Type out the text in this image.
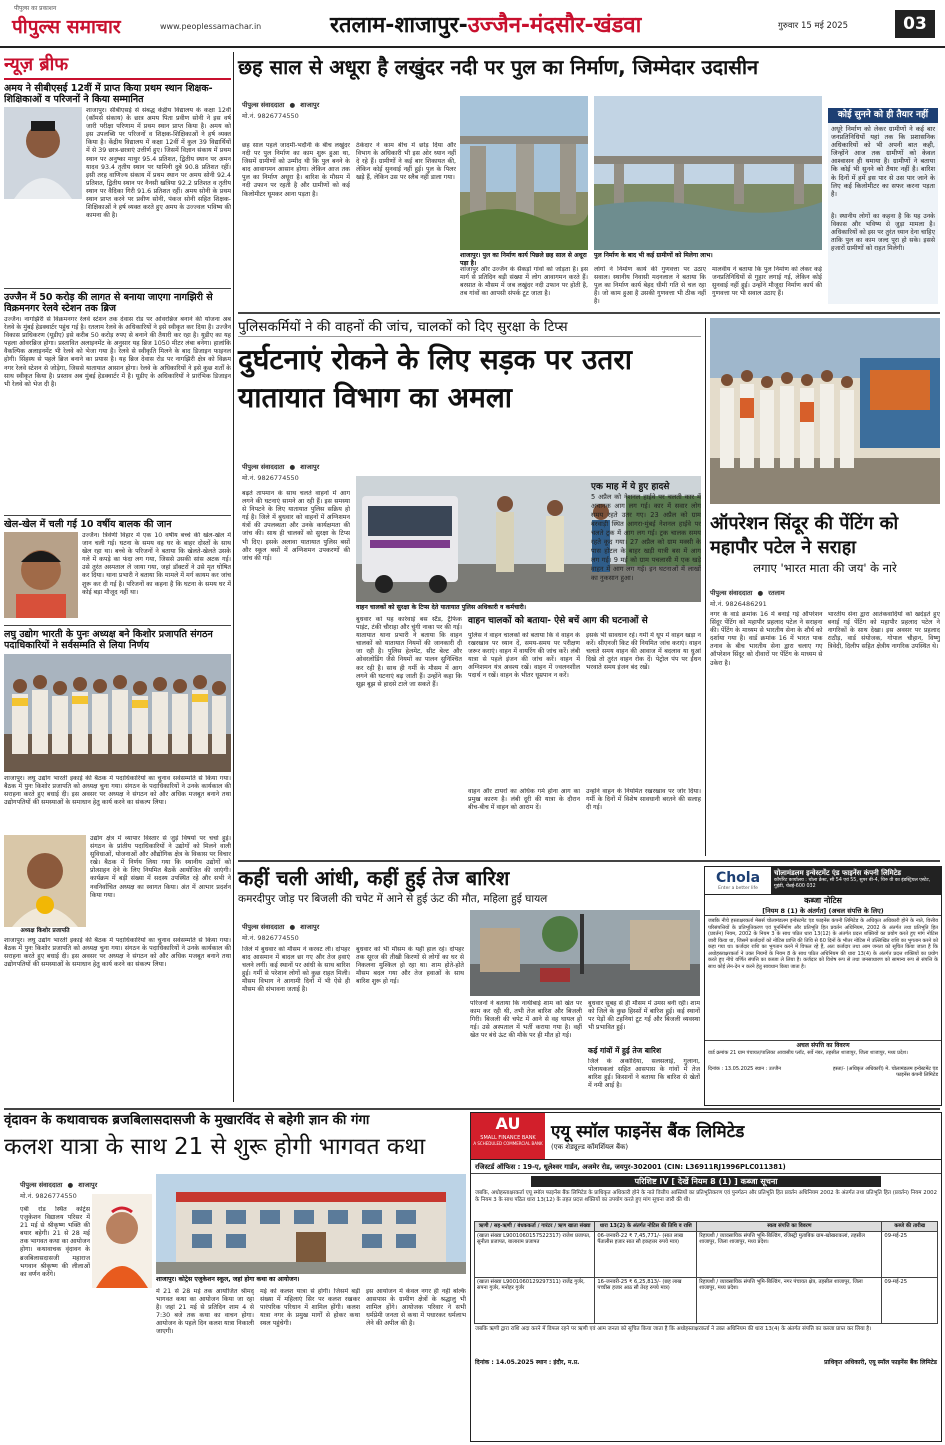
पीपुल्स का प्रकाशन
पीपुल्स समाचार	www.peoplessamachar.in	रतलाम-शाजापुर-उज्जैन-मंदसौर-खंडवा	गुरुवार 15 मई 2025	03
न्यूज़ ब्रीफ
अमय ने सीबीएसई 12वीं में प्राप्त किया प्रथम स्थान शिक्षक-शिक्षिकाओं व परिजनों ने किया सम्मानित
शाजापुर। सीबीएसई से संबद्ध केंद्रीय विद्यालय के कक्षा 12वीं (कॉमर्स संकाय) के छात्र अमय पिता प्रवीण सोनी ने इस वर्ष जारी परीक्षा परिणाम में प्रथम स्थान प्राप्त किया है। अमय को इस उपलब्धि पर परिजनों व शिक्षक-शिक्षिकाओं ने हर्ष व्यक्त किया है। केंद्रीय विद्यालय में कक्षा 12वीं में कुल 39 विद्यार्थियों में से 39 छात्र-छात्राएं उत्तीर्ण हुए। जिसमें विज्ञान संकाय में प्रथम स्थान पर अनुष्का माथुर 95.4 प्रतिशत, द्वितीय स्थान पर अमन यादव 93.4 तृतीय स्थान पर यामिनी दुबे 90.8 प्रतिशत रहीं। इसी तरह वाणिज्य संकाय में प्रथम स्थान पर अमय सोनी 92.4 प्रतिशत, द्वितीय स्थान पर नैनसी खत्रिया 92.2 प्रतिशत व तृतीय स्थान पर वैदिका गिरी 91.6 प्रतिशत रहीं। अमय सोनी के प्रथम स्थान प्राप्त करने पर प्रवीण सोनी, पंकज सोनी सहित शिक्षक-शिक्षिकाओं ने हर्ष व्यक्त करते हुए अमय के उज्ज्वल भविष्य की कामना की है।
उज्जैन में 50 करोड़ की लागत से बनाया जाएगा नागझिरी से विक्रमनगर रेलवे स्टेशन तक ब्रिज
उज्जैन। नागझिरी से विक्रमनगर रेलवे स्टेशन तक देवास रोड पर ओवरब्रिज बनाने की योजना अब रेलवे के मुंबई हेडक्वार्टर पहुंच गई है। रतलाम रेलवे के अधिकारियों ने इसे स्वीकृत कर दिया है। उज्जैन विकास प्राधिकरण (यूडीए) इसे करीब 50 करोड़ रुपए से बनाने की तैयारी कर रहा है। यूडीए का यह पहला ओवरब्रिज होगा। प्रस्तावित अलाइनमेंट के अनुसार यह ब्रिज 1050 मीटर लंबा बनेगा। हालांकि वैकल्पिक अलाइनमेंट भी रेलवे को भेजा गया है। रेलवे से स्वीकृति मिलने के बाद डिजाइन फाइनल होगी। सिंहस्थ से पहले ब्रिज बनाने का प्रयास है। यह ब्रिज देवास रोड पर नागझिरी क्षेत्र को विक्रम नगर रेलवे स्टेशन से जोड़ेगा, जिससे यातायात आसान होगा। रेलवे के अधिकारियों ने इसे कुछ शर्तों के साथ स्वीकृत किया है। प्रस्ताव अब मुंबई हेडक्वार्टर में है। यूडीए के अधिकारियों ने प्रारंभिक डिजाइन भी रेलवे को भेज दी है।
खेल-खेल में चली गई 10 वर्षीय बालक की जान
उज्जैन। त्रिवेणी विहार में एक 10 वर्षीय बच्चे की खेल-खेल में जान चली गई। घटना के समय वह घर के बाहर दोस्तों के साथ खेल रहा था। बच्चे के परिजनों ने बताया कि खेलते-खेलते उसके गले में कपड़े का फंदा लग गया, जिससे उसकी सांस अटक गई। उसे तुरंत अस्पताल ले जाया गया, जहां डॉक्टरों ने उसे मृत घोषित कर दिया। थाना प्रभारी ने बताया कि मामले में मर्ग कायम कर जांच शुरू कर दी गई है। परिजनों का कहना है कि घटना के समय घर में कोई बड़ा मौजूद नहीं था।
लघु उद्योग भारती के पुनः अध्यक्ष बने किशोर प्रजापति संगठन पदाधिकारियों ने सर्वसम्मति से लिया निर्णय
शाजापुर। लघु उद्योग भारती इकाई की बैठक में पदाधिकारियों का चुनाव सर्वसम्मति से किया गया। बैठक में पुनः किशोर प्रजापति को अध्यक्ष चुना गया। संगठन के पदाधिकारियों ने उनके कार्यकाल की सराहना करते हुए बधाई दी। इस अवसर पर अध्यक्ष ने संगठन को और अधिक मजबूत बनाने तथा उद्योगपतियों की समस्याओं के समाधान हेतु कार्य करने का संकल्प लिया।
अध्यक्ष किशोर प्रजापति
उद्योग क्षेत्र में व्यापार विस्तार से जुड़े विषयों पर चर्चा हुई। संगठन के प्रांतीय पदाधिकारियों ने उद्योगों को मिलने वाली सुविधाओं, योजनाओं और औद्योगिक क्षेत्र के विकास पर विचार रखे। बैठक में निर्णय लिया गया कि स्थानीय उद्योगों को प्रोत्साहन देने के लिए नियमित बैठकें आयोजित की जाएंगी। कार्यक्रम में बड़ी संख्या में सदस्य उपस्थित रहे और सभी ने नवनिर्वाचित अध्यक्ष का स्वागत किया। अंत में आभार प्रदर्शन किया गया।
शाजापुर। लघु उद्योग भारती इकाई की बैठक में पदाधिकारियों का चुनाव सर्वसम्मति से किया गया। बैठक में पुनः किशोर प्रजापति को अध्यक्ष चुना गया। संगठन के पदाधिकारियों ने उनके कार्यकाल की सराहना करते हुए बधाई दी। इस अवसर पर अध्यक्ष ने संगठन को और अधिक मजबूत बनाने तथा उद्योगपतियों की समस्याओं के समाधान हेतु कार्य करने का संकल्प लिया।
छह साल से अधूरा है लखुंदर नदी पर पुल का निर्माण, जिम्मेदार उदासीन
पीपुल्स संवाददाता ● शाजापुर
मो.नं. 9826774550
छह साल पहले जादमी-भदौनी के बीच लखुंदर नदी पर पुल निर्माण का काम शुरू हुआ था, जिसमें ग्रामीणों को उम्मीद थी कि पुल बनने के बाद आवागमन आसान होगा। लेकिन आज तक पुल का निर्माण अधूरा है। बारिश के मौसम में नदी उफान पर रहती है और ग्रामीणों को कई किलोमीटर घूमकर आना पड़ता है।
ठेकेदार ने काम बीच में छोड़ दिया और विभाग के अधिकारी भी इस ओर ध्यान नहीं दे रहे हैं। ग्रामीणों ने कई बार शिकायत की, लेकिन कोई सुनवाई नहीं हुई। पुल के पिलर खड़े हैं, लेकिन उस पर स्लैब नहीं डाला गया।
शाजापुर। पुल का निर्माण कार्य पिछले छह साल से अधूरा पड़ा है।
पुल निर्माण के बाद भी कई ग्रामीणों को मिलेगा लाभ।
शाजापुर और उज्जैन के सैकड़ों गांवों को जोड़ता है। इस मार्ग से प्रतिदिन बड़ी संख्या में लोग आवागमन करते हैं। बरसात के मौसम में जब लखुंदर नदी उफान पर होती है, तब गांवों का आपसी संपर्क टूट जाता है।
लोगों ने निर्माण कार्य की गुणवत्ता पर उठाए सवाल। स्थानीय निवासी मदनलाल ने बताया कि पुल का निर्माण कार्य बेहद धीमी गति से चल रहा है। जो काम हुआ है उसकी गुणवत्ता भी ठीक नहीं है।
मालवीय ने बताया कि पुल निर्माण को लेकर कई जनप्रतिनिधियों से गुहार लगाई गई, लेकिन कोई सुनवाई नहीं हुई। उन्होंने मौजूदा निर्माण कार्य की गुणवत्ता पर भी सवाल उठाए हैं।
कोई सुनने को ही तैयार नहीं
अधूरे निर्माण को लेकर ग्रामीणों ने कई बार जनप्रतिनिधियों यहां तक कि प्रशासनिक अधिकारियों को भी अपनी बात कही, जिन्होंने आज तक ग्रामीणों को केवल आश्वासन ही थमाया है। ग्रामीणों ने बताया कि कोई भी सुनने को तैयार नहीं है। बारिश के दिनों में हमें इस पार से उस पार जाने के लिए कई किलोमीटर का सफर करना पड़ता है।
है। स्थानीय लोगों का कहना है कि यह उनके विकास और भविष्य से जुड़ा मामला है। अधिकारियों को इस पर तुरंत ध्यान देना चाहिए ताकि पुल का काम जल्द पूरा हो सके। इससे हजारों ग्रामीणों को राहत मिलेगी।
पुलिसकर्मियों ने की वाहनों की जांच, चालकों को दिए सुरक्षा के टिप्स
दुर्घटनाएं रोकने के लिए सड़क पर उतरा यातायात विभाग का अमला
पीपुल्स संवाददाता ● शाजापुर
मो.नं. 9826774550
बढ़ते तापमान के साथ चलते वाहनों में आग लगने की घटनाएं सामने आ रही हैं। इस समस्या से निपटने के लिए यातायात पुलिस सक्रिय हो गई है। जिले में बुधवार को वाहनों में अग्निशमन यंत्रों की उपलब्धता और उनके कार्यक्षमता की जांच की। साथ ही चालकों को सुरक्षा के टिप्स भी दिए। इसके अलावा यातायात पुलिस बसों और स्कूल बसों में अग्निशमन उपकरणों की जांच की गई।
वाहन चालकों को सुरक्षा के टिप्स देते यातायात पुलिस अधिकारी व कर्मचारी।
बुधवार को यह कार्रवाई बस स्टैंड, ट्रैफिक पाइंट, टंकी चौराहा और चुंगी नाका पर की गई। यातायात थाना प्रभारी ने बताया कि वाहन चालकों को यातायात नियमों की जानकारी दी जा रही है। पुलिस हेलमेट, सीट बेल्ट और ओवरलोडिंग जैसे नियमों का पालन सुनिश्चित कर रही है। साथ ही गर्मी के मौसम में आग लगने की घटनाएं बढ़ जाती हैं। उन्होंने कहा कि सूझ बूझ से हादसे टाले जा सकते हैं।
वाहन चालकों को बताया- ऐसे बचें आग की घटनाओं से
पुलिस ने वाहन चालकों को बताया कि वे वाहन के रखरखाव पर ध्यान दें, समय-समय पर परीक्षण जरूर कराएं। वाहन में वायरिंग की जांच करें। लंबी यात्रा से पहले इंजन की जांच करें। वाहन में अग्निशमन यंत्र अवश्य रखें। वाहन में ज्वलनशील पदार्थ न रखें। वाहन के भीतर धूम्रपान न करें।
इसके भी सावधान रहें। गर्मी में धूप में वाहन खड़ा न करें। सीएनजी किट की नियमित जांच कराएं। वाहन चलाते समय वाहन की आवाज में बदलाव या धुआं दिखे तो तुरंत वाहन रोक दें। पेट्रोल पंप पर ईंधन भरवाते समय इंजन बंद रखें।
वाहन और टायरों का अधिक गर्म होना आग का प्रमुख कारण है। लंबी दूरी की यात्रा के दौरान बीच-बीच में वाहन को आराम दें।
उन्होंने वाहन के नियमित रखरखाव पर जोर दिया। गर्मी के दिनों में विशेष सावधानी बरतने की सलाह दी गई।
एक माह में ये हुए हादसे
5 अप्रैल को नेशनल हाईवे पर चलती कार में अचानक आग लग गई। कार में सवार लोग समय रहते उतर गए। 23 अप्रैल को ग्राम बरवाड़ी स्थित आगरा-मुंबई नेशनल हाईवे पर चलते ट्रक में आग लग गई। ट्रक चालक समय रहते कूद गया। 27 अप्रैल को ग्राम मक्सी के पास होटल के बाहर खड़ी यात्री बस में आग लग गई। 9 मई को ग्राम पचलासी में एक खड़े वाहन में आग लग गई। इन घटनाओं में लाखों का नुकसान हुआ।
ऑपरेशन सिंदूर की पेंटिंग को महापौर पटेल ने सराहा
लगाए 'भारत माता की जय' के नारे
पीपुल्स संवाददाता ● रतलाम
मो.नं. 9826486291
नगर के वार्ड क्रमांक 16 में बनाई गई ऑपरेशन सिंदूर पेंटिंग को महापौर प्रहलाद पटेल ने सराहना की। पेंटिंग के माध्यम से भारतीय सेना के शौर्य को दर्शाया गया है। वार्ड क्रमांक 16 में भारत पाक तनाव के बीच भारतीय सेना द्वारा चलाए गए ऑपरेशन सिंदूर को दीवारों पर पेंटिंग के माध्यम से उकेरा है।
भारतीय सेना द्वारा आतंकवादियों को खदेड़ते हुए बनाई गई पेंटिंग को महापौर प्रहलाद पटेल ने नागरिकों के साथ देखा। इस अवसर पर प्रहलाद राठौड़, वार्ड संयोजक, गोपाल चौहान, विष्णु त्रिवेदी, दिलीप सहित क्षेत्रीय नागरिक उपस्थित थे।
कहीं चली आंधी, कहीं हुई तेज बारिश
कमरदीपुर जोड़ पर बिजली की चपेट में आने से हुई ऊंट की मौत, महिला हुई घायल
पीपुल्स संवाददाता ● शाजापुर
मो.नं. 9826774550
जिले में बुधवार को मौसम ने करवट ली। दोपहर बाद आसमान में बादल छा गए और तेज हवाएं चलने लगीं। कई स्थानों पर आंधी के साथ बारिश हुई। गर्मी से परेशान लोगों को कुछ राहत मिली। मौसम विभाग ने आगामी दिनों में भी ऐसे ही मौसम की संभावना जताई है।
बुधवार को भी मौसम के यही हाल रहे। दोपहर तक सूरज की तीखी किरणों से लोगों का घर से निकलना मुश्किल हो रहा था। शाम होते-होते मौसम बदल गया और तेज हवाओं के साथ बारिश शुरू हो गई।
परिजनों ने बताया कि नाथीबाई शाम को खेत पर काम कर रही थी, तभी तेज बारिश और बिजली गिरी। बिजली की चपेट में आने से वह घायल हो गई। उसे अस्पताल में भर्ती कराया गया है। वहीं खेत पर बंधे ऊंट की मौके पर ही मौत हो गई।
बुधवार सुबह से ही मौसम में उमस बनी रही। शाम को जिले के कुछ हिस्सों में बारिश हुई। कई स्थानों पर पेड़ों की टहनियां टूट गईं और बिजली व्यवस्था भी प्रभावित हुई।
कई गांवों में हुई तेज बारिश
जिले के अकोदिया, सलसलाई, गुलाना, पोलायकलां सहित आसपास के गांवों में तेज बारिश हुई। किसानों ने बताया कि बारिश से खेतों में नमी आई है।
Chola
Enter a better life
चोलामंडलम इन्वेस्टमेंट एंड फाइनेंस कंपनी लिमिटेड
कॉर्पोरेट कार्यालय : चोला क्रेस्ट, सी 54 एवं 55, सुपर बी-4, थिरु वी का इंडस्ट्रियल एस्टेट, गुइंडी, चेन्नई-600 032
कब्जा नोटिस
[नियम 8 (1) के अंतर्गत] (अचल संपत्ति के लिए)
जबकि नीचे हस्ताक्षरकर्ता मेसर्स चोलामंडलम इन्वेस्टमेंट एंड फाइनेंस कंपनी लिमिटेड के अधिकृत अधिकारी होने के नाते, वित्तीय परिसंपत्तियों के प्रतिभूतिकरण एवं पुनर्निर्माण और प्रतिभूति हित प्रवर्तन अधिनियम, 2002 के अंतर्गत तथा प्रतिभूति हित (प्रवर्तन) नियम, 2002 के नियम 3 के साथ पठित धारा 13(12) के अंतर्गत प्रदत्त शक्तियों का प्रयोग करते हुए मांग नोटिस जारी किया था, जिसमें कर्जदारों को नोटिस प्राप्ति की तिथि से 60 दिनों के भीतर नोटिस में उल्लिखित राशि का भुगतान करने को कहा गया था। कर्जदार राशि का भुगतान करने में विफल रहे हैं, अतः कर्जदार तथा आम जनता को सूचित किया जाता है कि अधोहस्ताक्षरकर्ता ने उक्त नियमों के नियम 8 के साथ पठित अधिनियम की धारा 13(4) के अंतर्गत प्रदत्त शक्तियों का प्रयोग करते हुए नीचे वर्णित संपत्ति का कब्जा ले लिया है। कर्जदार को विशेष रूप से तथा जनसाधारण को सामान्य रूप से संपत्ति के साथ कोई लेन-देन न करने हेतु सावधान किया जाता है।
अचल संपत्ति का विवरण
वार्ड क्रमांक 21 ग्राम पंचायत/पालिका आवासीय प्लॉट, सर्वे नंबर, तहसील शाजापुर, जिला शाजापुर, मध्य प्रदेश।
दिनांक : 13.05.2025 स्थान : उज्जैन	हस्ता/- (अधिकृत अधिकारी) मे. चोलामंडलम इन्वेस्टमेंट एंड फाइनेंस कंपनी लिमिटेड
वृंदावन के कथावाचक ब्रजबिलासदासजी के मुखारविंद से बहेगी ज्ञान की गंगा
कलश यात्रा के साथ 21 से शुरू होगी भागवत कथा
पीपुल्स संवाददाता ● शाजापुर
मो.नं. 9826774550
एबी रोड स्थित कोट्रेस एजुकेशन विद्यालय परिसर में 21 मई से श्रीकृष्ण भक्ति की बयार बहेगी। 21 से 28 मई तक भागवत कथा का आयोजन होगा। कथावाचक वृंदावन के ब्रजबिलासदासजी महाराज भगवान श्रीकृष्ण की लीलाओं का वर्णन करेंगे।
शाजापुर। कोट्रेस एजुकेशन स्कूल, जहां होगा कथा का आयोजन।
में 21 से 28 मई तक आयोजित श्रीमद् भागवत कथा का आयोजन किया जा रहा है। जहां 21 मई से प्रतिदिन शाम 4 से 7:30 बजे तक कथा का वाचन होगा। आयोजन के पहले दिन कलश यात्रा निकाली जाएगी।
मई को कलश यात्रा से होगी। जिसमें बड़ी संख्या में महिलाएं सिर पर कलश रखकर पारंपरिक परिधान में शामिल होंगी। कलश यात्रा नगर के प्रमुख मार्गों से होकर कथा स्थल पहुंचेगी।
इस आयोजन में केवल नगर ही नहीं बल्कि आसपास के ग्रामीण क्षेत्रों के श्रद्धालु भी शामिल होंगे। आयोजक परिवार ने सभी धर्मप्रेमी जनता से कथा में पधारकर धर्मलाभ लेने की अपील की है।
AU
SMALL FINANCE BANK
A SCHEDULED COMMERCIAL BANK
एयू स्मॉल फाइनेंस बैंक लिमिटेड
(एक शेड्यूल्ड कॉमर्शियल बैंक)
रजिस्टर्ड ऑफिस : 19-ए, धूलेश्वर गार्डन, अजमेर रोड, जयपुर-302001 (CIN: L36911RJ1996PLC011381)
परिशिष्ट IV [ देखें नियम 8 (1) ] कब्जा सूचना
जबकि, अधोहस्ताक्षरकर्ता एयू स्मॉल फाइनेंस बैंक लिमिटेड के प्राधिकृत अधिकारी होने के नाते वित्तीय आस्तियों का प्रतिभूतिकरण एवं पुनर्गठन और प्रतिभूति हित प्रवर्तन अधिनियम 2002 के अंतर्गत तथा प्रतिभूति हित (प्रवर्तन) नियम 2002 के नियम 3 के साथ पठित धारा 13(12) के तहत प्रदत्त शक्तियों का उपयोग करते हुए मांग सूचना जारी की थी।
ऋणी / सह-ऋणी / बंधककर्ता / गारंटर / ऋण खाता संख्या	धारा 13(2) के अंतर्गत नोटिस की तिथि व राशि	स्वत्व संपत्ति का विवरण	कब्जे की तारीख
(खाता संख्या L9001060157522317) राजेश प्रजापत, सुनीता प्रजापत, बालाराम प्रजापत	06-जनवरी-22 ₹ 7,45,771/- (सात लाख पैंतालीस हजार सात सौ इकहत्तर रुपये मात्र)	रिहायशी / व्यावसायिक संपत्ति भूमि-बिल्डिंग, रजिस्ट्री मुताबिक ग्राम-खोखराकलां, तहसील शाजापुर, जिला शाजापुर, मध्य प्रदेश।	09-मई-25
(खाता संख्या L9001060129297311) राजेंद्र गुर्जर, सपना गुर्जर, मनोहर गुर्जर	16-जनवरी-25 ₹ 6,25,813/- (छह लाख पच्चीस हजार आठ सौ तेरह रुपये मात्र)	रिहायशी / व्यावसायिक संपत्ति भूमि-बिल्डिंग, नगर पंचायत क्षेत्र, तहसील शाजापुर, जिला शाजापुर, मध्य प्रदेश।	09-मई-25
जबकि ऋणी द्वारा राशि अदा करने में विफल रहने पर ऋणी एवं आम जनता को सूचित किया जाता है कि अधोहस्ताक्षरकर्ता ने उक्त अधिनियम की धारा 13(4) के अंतर्गत संपत्ति का कब्जा प्राप्त कर लिया है।
दिनांक : 14.05.2025 स्थान : इंदौर, म.प्र.	प्राधिकृत अधिकारी, एयू स्मॉल फाइनेंस बैंक लिमिटेड
